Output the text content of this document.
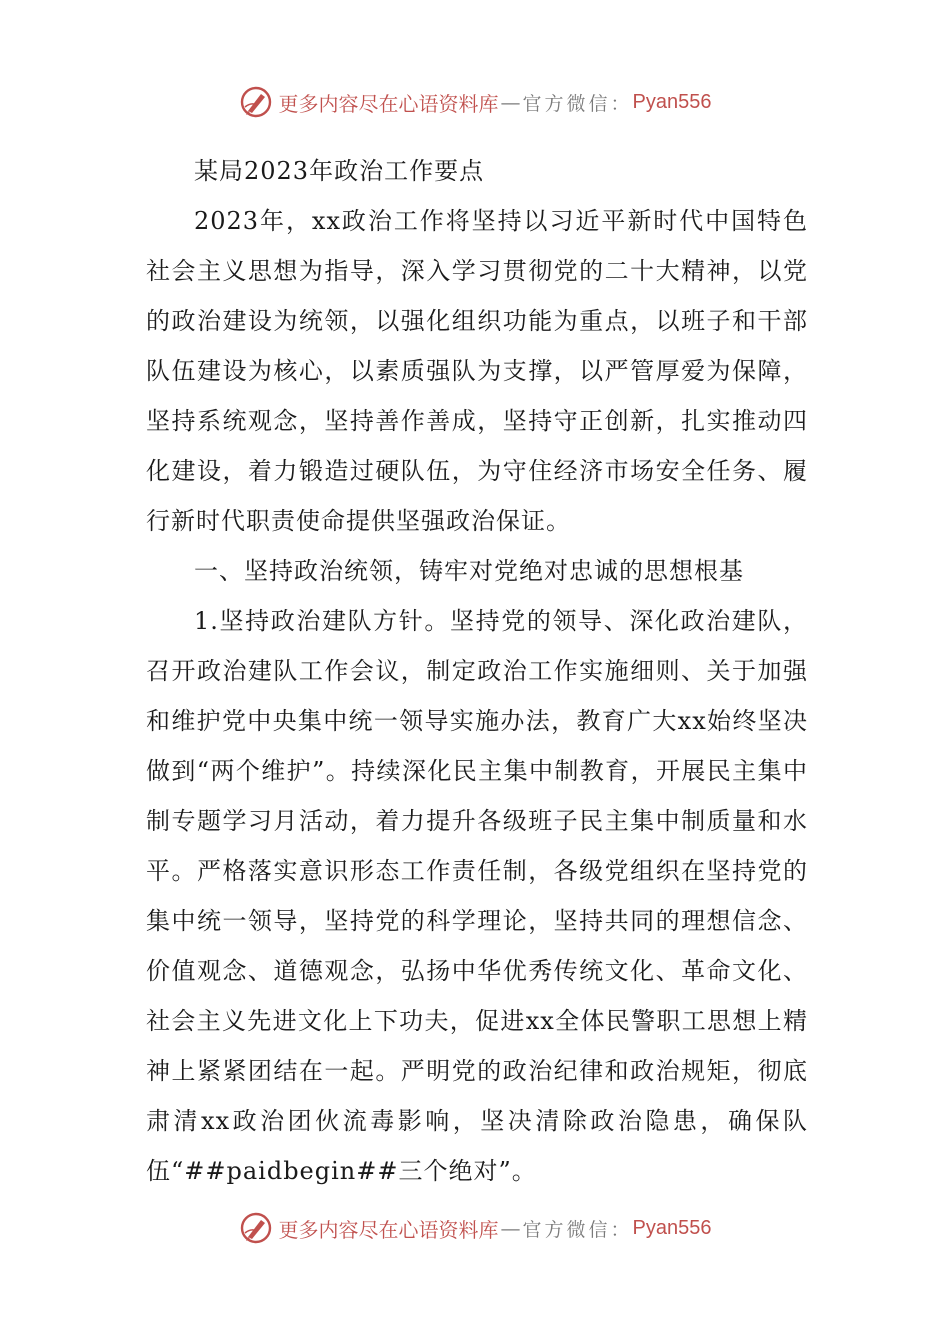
更多内容尽在心语资料库 — 官方微信： Pyan556

某局2023年政治工作要点

2023年，xx政治工作将坚持以习近平新时代中国特色社会主义思想为指导，深入学习贯彻党的二十大精神，以党的政治建设为统领，以强化组织功能为重点，以班子和干部队伍建设为核心，以素质强队为支撑，以严管厚爱为保障，坚持系统观念，坚持善作善成，坚持守正创新，扎实推动四化建设，着力锻造过硬队伍，为守住经济市场安全任务、履行新时代职责使命提供坚强政治保证。

一、坚持政治统领，铸牢对党绝对忠诚的思想根基

1.坚持政治建队方针。坚持党的领导、深化政治建队，召开政治建队工作会议，制定政治工作实施细则、关于加强和维护党中央集中统一领导实施办法，教育广大xx始终坚决做到“两个维护”。持续深化民主集中制教育，开展民主集中制专题学习月活动，着力提升各级班子民主集中制质量和水平。严格落实意识形态工作责任制，各级党组织在坚持党的集中统一领导，坚持党的科学理论，坚持共同的理想信念、价值观念、道德观念，弘扬中华优秀传统文化、革命文化、社会主义先进文化上下功夫，促进xx全体民警职工思想上精神上紧紧团结在一起。严明党的政治纪律和政治规矩，彻底肃清xx政治团伙流毒影响，坚决清除政治隐患，确保队伍“##paidbegin##三个绝对”。

更多内容尽在心语资料库 — 官方微信： Pyan556
